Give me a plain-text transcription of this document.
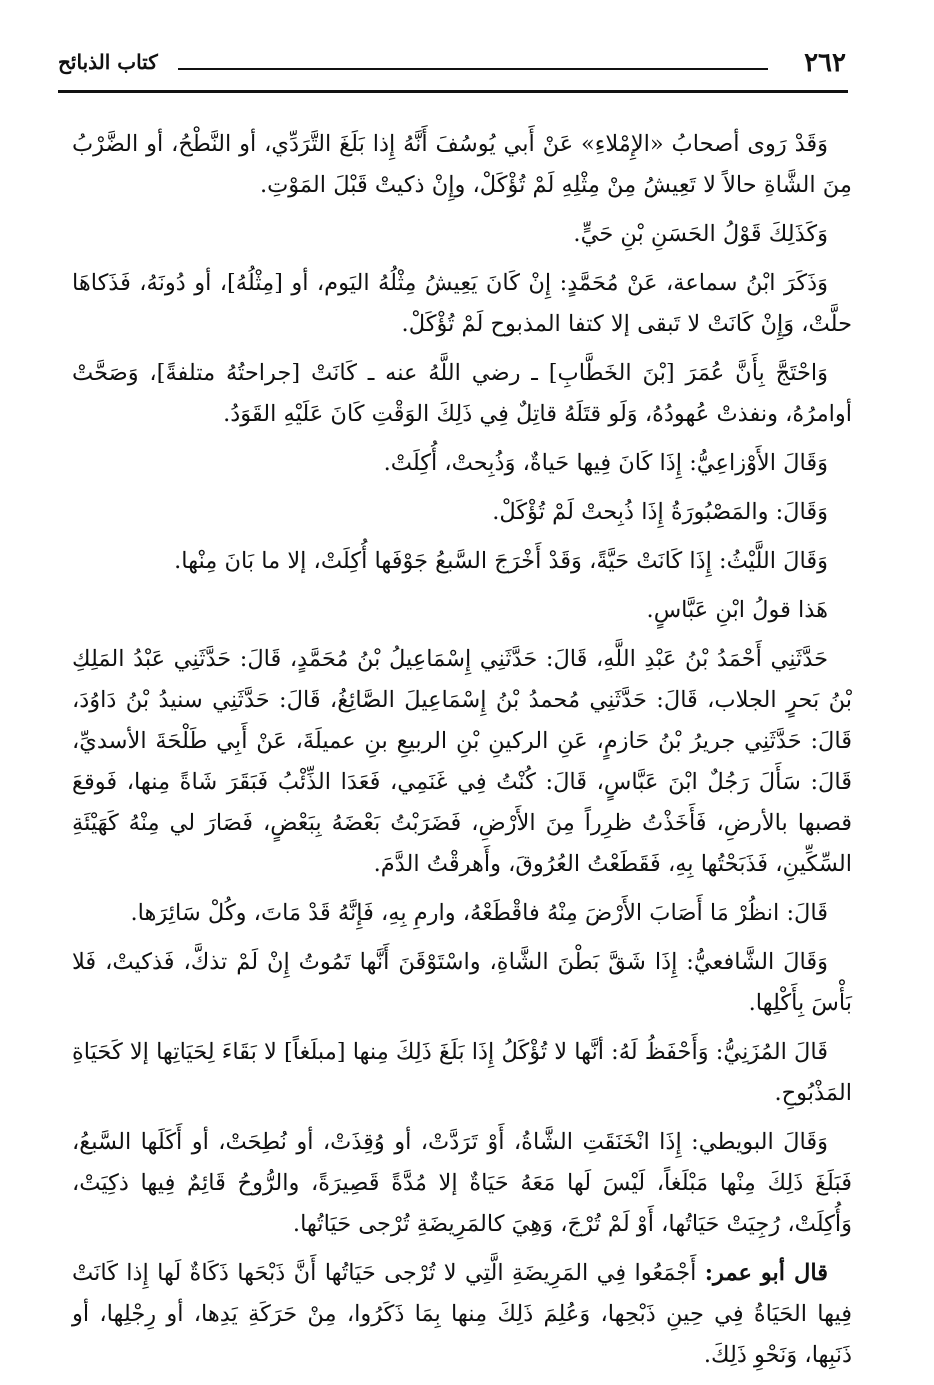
٢٦٢
كتاب الذبائح

وَقَدْ رَوى أصحابُ «الإِمْلاءِ» عَنْ أَبي يُوسُفَ أَنَّهُ إِذا بَلَغَ التَّرَدِّي، أو النَّطْحُ، أو الضَّرْبُ مِنَ الشَّاةِ حالاً لا تَعِيشُ مِنْ مِثْلِهِ لَمْ تُؤْكَلْ، وإِنْ ذكيتْ قَبْلَ المَوْتِ.

وَكَذَلِكَ قَوْلُ الحَسَنِ بْنِ حَيٍّ.

وَذَكَرَ ابْنُ سماعة، عَنْ مُحَمَّدٍ: إِنْ كَانَ يَعِيشُ مِثْلُهُ اليَوم، أو [مِثْلُهُ]، أو دُونَهُ، فَذَكاهَا حلَّتْ، وَإِنْ كَانَتْ لا تَبقى إلا كتفا المذبوح لَمْ تُؤْكَلْ.

وَاحْتَجَّ بِأَنَّ عُمَرَ [بْنَ الخَطَّابِ] ـ رضي اللَّهُ عنه ـ كَانَتْ [جراحتُهُ متلفةً]، وَصَحَّتْ أوامرُهُ، ونفذتْ عُهودُهُ، وَلَو قتَلَهُ قاتِلٌ فِي ذَلِكَ الوَقْتِ كَانَ عَلَيْهِ القَوَدُ.

وَقَالَ الأَوْزاعِيُّ: إِذَا كَانَ فِيها حَياةٌ، وَذُبِحتْ، أُكِلَتْ.

وَقَالَ: والمَصْبُورَةُ إِذَا ذُبِحتْ لَمْ تُؤْكَلْ.

وَقَالَ اللَّيْثُ: إِذَا كَانَتْ حَيَّةً، وَقَدْ أَخْرَجَ السَّبعُ جَوْفَها أُكِلَتْ، إلا ما بَانَ مِنْها.

هَذا قولُ ابْنِ عَبَّاسٍ.

حَدَّثَنِي أَحْمَدُ بْنُ عَبْدِ اللَّهِ، قَالَ: حَدَّثَنِي إِسْمَاعِيلُ بْنُ مُحَمَّدٍ، قَالَ: حَدَّثَنِي عَبْدُ المَلِكِ بْنُ بَحرٍ الجلاب، قَالَ: حَدَّثَنِي مُحمدُ بْنُ إِسْمَاعِيلَ الصَّائِغُ، قَالَ: حَدَّثَنِي سنيدُ بْنُ دَاوُدَ، قَالَ: حَدَّثَنِي جريرُ بْنُ حَازمٍ، عَنِ الركينِ بْنِ الربيعِ بنِ عميلَةَ، عَنْ أَبِي طَلْحَةَ الأسديِّ، قَالَ: سَأَلَ رَجُلٌ ابْنَ عَبَّاسٍ، قَالَ: كُنْتُ فِي غَنَمِي، فَعَدَا الذِّئْبُ فَبَقَرَ شَاةً مِنها، فَوقعَ قصبها بالأرضِ، فَأَخَذْتُ ظرِراً مِنَ الأَرْضِ، فَضَرَبْتُ بَعْضَهُ بِبَعْضٍ، فَصَارَ لي مِنْهُ كَهَيْئَةِ السِّكِّينِ، فَذَبَحْتُها بِهِ، فَقَطَعْتُ العُرُوقَ، وأَهرقْتُ الدَّمَ.

قَالَ: انظُرْ مَا أَصَابَ الأَرْضَ مِنْهُ فاقْطَعْهُ، وارمِ بِهِ، فَإِنَّهُ قَدْ مَاتَ، وكُلْ سَائِرَها.

وَقَالَ الشَّافعيُّ: إِذَا شَقَّ بَطْنَ الشَّاةِ، واسْتَوْقَنَ أَنَّها تَمُوتُ إِنْ لَمْ تذكَّ، فَذكيتْ، فَلا بَأْسَ بِأَكْلِها.

قَالَ المُزَنِيُّ: وَأَحْفَظُ لَهُ: أنَّها لا تُؤْكَلُ إِذَا بَلَغَ ذَلِكَ مِنها [مبلَغاً] لا بَقَاءَ لِحَيَاتِها إلا كَحَيَاةِ المَذْبُوحِ.

وَقَالَ البويطي: إِذَا انْخَنَقَتِ الشَّاةُ، أَوْ تَرَدَّتْ، أو وُقِذَتْ، أو نُطِحَتْ، أو أَكَلَها السَّبعُ، فَبَلَغَ ذَلِكَ مِنْها مَبْلَغاً، لَيْسَ لَها مَعَهُ حَيَاةٌ إلا مُدَّةً قَصِيرَةً، والرُّوحُ قَائِمٌ فِيها ذكِيَتْ، وَأُكِلَتْ، رُجِيَتْ حَيَاتُها، أَوْ لَمْ تُرْجَ، وَهِيَ كالمَرِيضَةِ تُرْجى حَيَاتُها.

قال أبو عمر: أَجْمَعُوا فِي المَرِيضَةِ الَّتِي لا تُرْجى حَيَاتُها أَنَّ ذَبْحَها ذَكَاةٌ لَها إِذا كَانَتْ فِيها الحَيَاةُ فِي حِينِ ذَبْحِها، وَعُلِمَ ذَلِكَ مِنها بِمَا ذَكَرُوا، مِنْ حَرَكَةِ يَدِها، أو رِجْلِها، أو ذَنَبِها، وَنَحْوِ ذَلِكَ.
